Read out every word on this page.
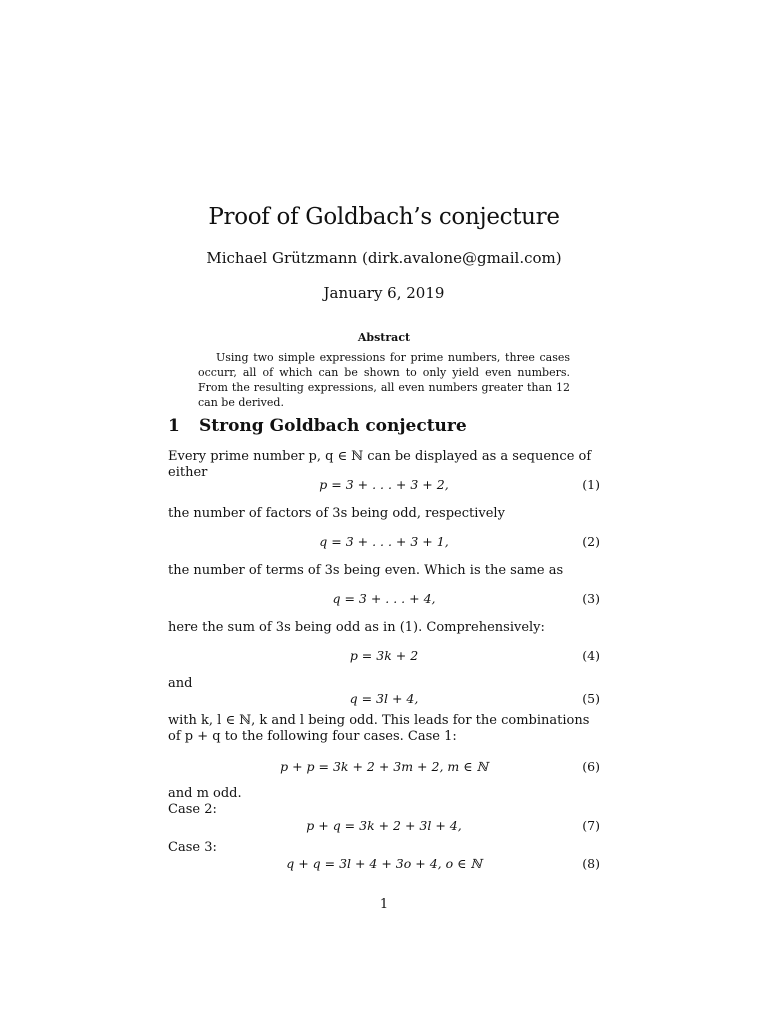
Proof of Goldbach’s conjecture
Michael Grützmann (dirk.avalone@gmail.com)
January 6, 2019
Abstract
Using two simple expressions for prime numbers, three cases occurr, all of which can be shown to only yield even numbers. From the resulting expressions, all even numbers greater than 12 can be derived.
1 Strong Goldbach conjecture
Every prime number p, q ∈ ℕ can be displayed as a sequence of either
p = 3 + . . . + 3 + 2,	(1)
the number of factors of 3s being odd, respectively
q = 3 + . . . + 3 + 1,	(2)
the number of terms of 3s being even. Which is the same as
q = 3 + . . . + 4,	(3)
here the sum of 3s being odd as in (1). Comprehensively:
p = 3k + 2	(4)
and
q = 3l + 4,	(5)
with k, l ∈ ℕ, k and l being odd. This leads for the combinations of p + q to the following four cases. Case 1:
p + p = 3k + 2 + 3m + 2, m ∈ ℕ	(6)
and m odd.
Case 2:
p + q = 3k + 2 + 3l + 4,	(7)
Case 3:
q + q = 3l + 4 + 3o + 4, o ∈ ℕ	(8)
1
